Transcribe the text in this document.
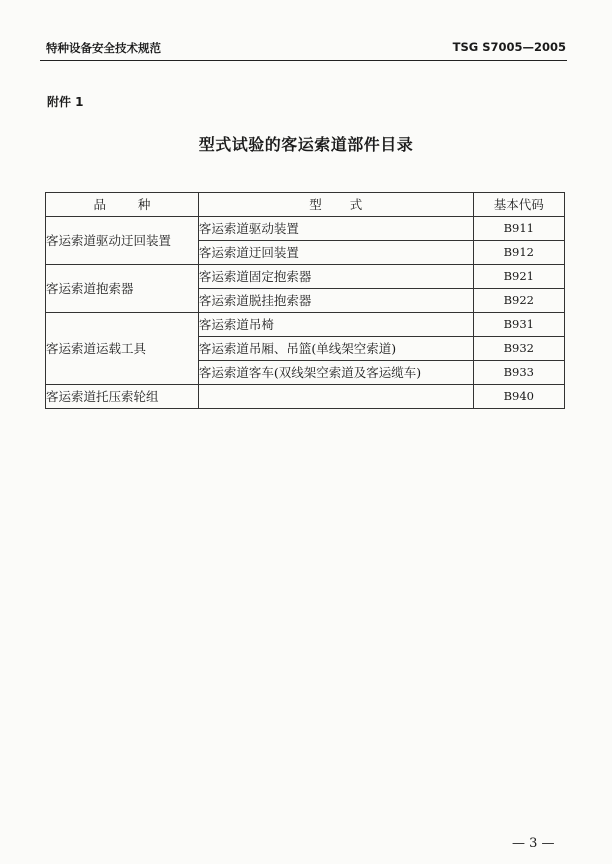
特种设备安全技术规范	TSG S7005—2005
附件 1
型式试验的客运索道部件目录
品 种	型 式	基本代码
客运索道驱动迂回装置	客运索道驱动装置	B911
	客运索道迂回装置	B912
客运索道抱索器	客运索道固定抱索器	B921
	客运索道脱挂抱索器	B922
客运索道运载工具	客运索道吊椅	B931
	客运索道吊厢、吊篮(单线架空索道)	B932
	客运索道客车(双线架空索道及客运缆车)	B933
客运索道托压索轮组		B940
— 3 —
